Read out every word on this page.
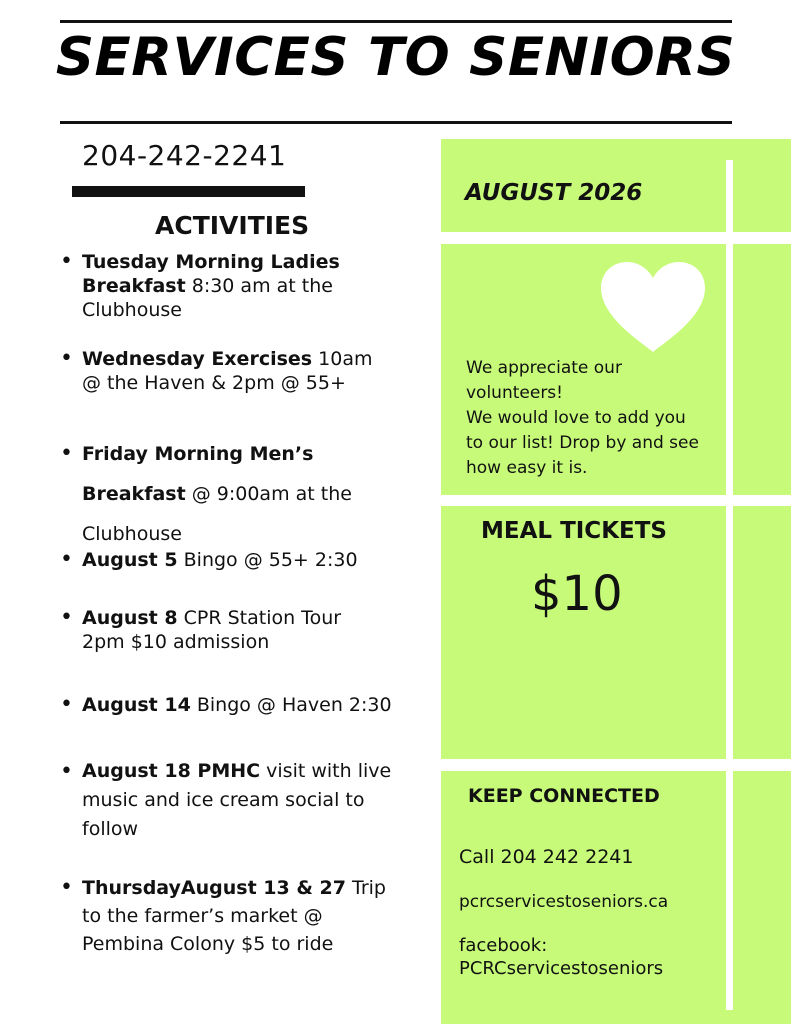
SERVICES TO SENIORS
204-242-2241
ACTIVITIES
• Tuesday Morning Ladies Breakfast 8:30 am at the Clubhouse
• Wednesday Exercises 10am @ the Haven & 2pm @ 55+
• Friday Morning Men’s Breakfast @ 9:00am at the Clubhouse
• August 5 Bingo @ 55+ 2:30
• August 8 CPR Station Tour 2pm $10 admission
• August 14 Bingo @ Haven 2:30
• August 18 PMHC visit with live music and ice cream social to follow
• ThursdayAugust 13 & 27 Trip to the farmer’s market @ Pembina Colony $5 to ride
AUGUST 2026
We appreciate our volunteers!
We would love to add you to our list! Drop by and see how easy it is.
MEAL TICKETS
$10
KEEP CONNECTED
Call 204 242 2241
pcrcservicestoseniors.ca
facebook: PCRCservicestoseniors
